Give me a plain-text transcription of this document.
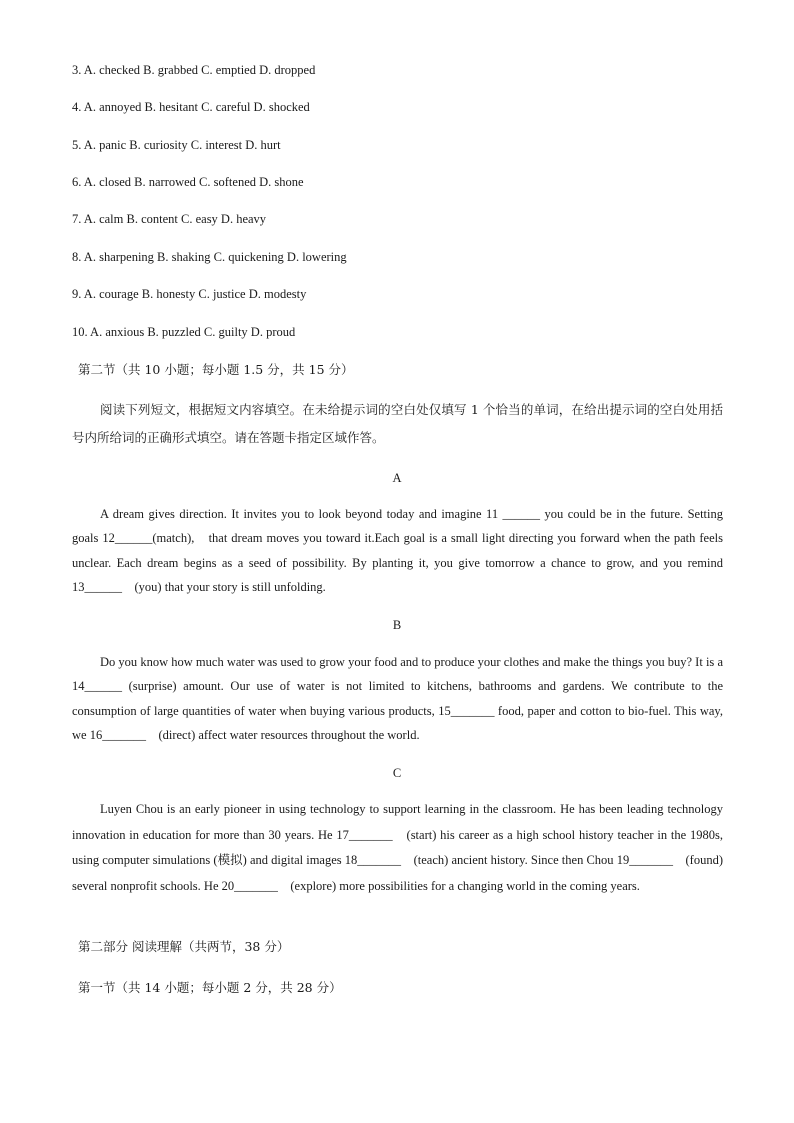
3. A. checked B. grabbed C. emptied D. dropped
4. A. annoyed B. hesitant C. careful D. shocked
5. A. panic B. curiosity C. interest D. hurt
6. A. closed B. narrowed C. softened D. shone
7. A. calm B. content C. easy D. heavy
8. A. sharpening B. shaking C. quickening D. lowering
9. A. courage B. honesty C. justice D. modesty
10. A. anxious B. puzzled C. guilty D. proud
第二节（共 10 小题；每小题 1.5 分，共 15 分）
阅读下列短文，根据短文内容填空。在未给提示词的空白处仅填写 1 个恰当的单词，在给出提示词的空白处用括号内所给词的正确形式填空。请在答题卡指定区域作答。
A
A dream gives direction. It invites you to look beyond today and imagine 11 ______ you could be in the future. Setting goals 12______(match),　that dream moves you toward it.Each goal is a small light directing you forward when the path feels unclear. Each dream begins as a seed of possibility. By planting it, you give tomorrow a chance to grow, and you remind 13______　(you) that your story is still unfolding.
B
Do you know how much water was used to grow your food and to produce your clothes and make the things you buy? It is a 14______ (surprise) amount. Our use of water is not limited to kitchens, bathrooms and gardens. We contribute to the consumption of large quantities of water when buying various products, 15_______ food, paper and cotton to bio-fuel. This way, we 16_______　(direct) affect water resources throughout the world.
C
Luyen Chou is an early pioneer in using technology to support learning in the classroom. He has been leading technology innovation in education for more than 30 years. He 17_______　(start) his career as a high school history teacher in the 1980s, using computer simulations (模拟) and digital images 18_______　(teach) ancient history. Since then Chou 19_______　(found) several nonprofit schools. He 20_______　(explore) more possibilities for a changing world in the coming years.
第二部分 阅读理解（共两节，38 分）
第一节（共 14 小题；每小题 2 分，共 28 分）
